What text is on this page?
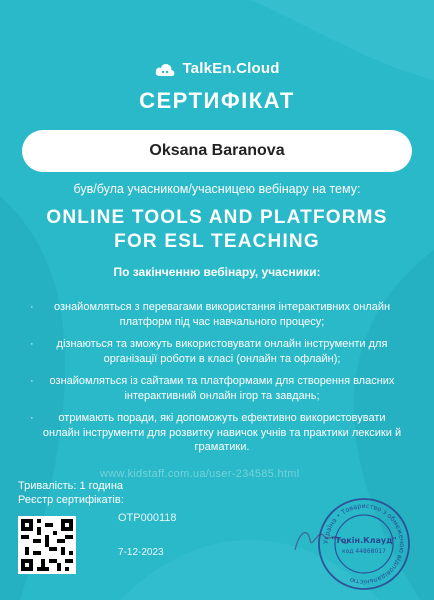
TalkEn.Cloud
СЕРТИФІКАТ
Oksana Baranova
був/була учасником/учасницею вебінару на тему:
ONLINE TOOLS AND PLATFORMS
FOR ESL TEACHING
По закінченню вебінару, учасники:
· ознайомляться з перевагами використання інтерактивних онлайн платформ під час навчального процесу;
· дізнаються та зможуть використовувати онлайн інструменти для організації роботи в класі (онлайн та офлайн);
· ознайомляться із сайтами та платформами для створення власних інтерактивний онлайн ігор та завдань;
· отримають поради, які допоможуть ефективно використовувати онлайн інструменти для розвитку навичок учнів та практики лексики й граматики.
www.kidstaff.com.ua/user-234585.html
Тривалість: 1 година
Реєстр сертифікатів:
OTP000118
7-12-2023
Україна • Товариство з обмеженою відповідальністю
"Токін.Клауд"
код 44868017
